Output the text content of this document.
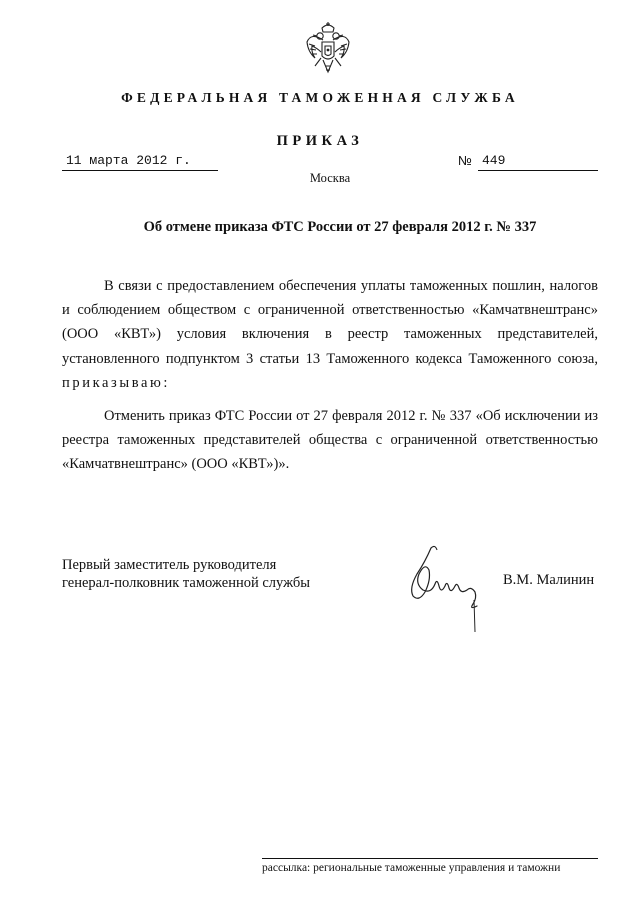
ФЕДЕРАЛЬНАЯ ТАМОЖЕННАЯ СЛУЖБА
ПРИКАЗ
11 марта 2012 г.	№ 449
Москва
Об отмене приказа ФТС России от 27 февраля 2012 г. № 337

В связи с предоставлением обеспечения уплаты таможенных пошлин, налогов и соблюдением обществом с ограниченной ответственностью «Камчатвнештранс» (ООО «КВТ») условия включения в реестр таможенных представителей, установленного подпунктом 3 статьи 13 Таможенного кодекса Таможенного союза, приказываю:

Отменить приказ ФТС России от 27 февраля 2012 г. № 337 «Об исключении из реестра таможенных представителей общества с ограниченной ответственностью «Камчатвнештранс» (ООО «КВТ»)».

Первый заместитель руководителя
генерал-полковник таможенной службы	В.М. Малинин
рассылка: региональные таможенные управления и таможни
